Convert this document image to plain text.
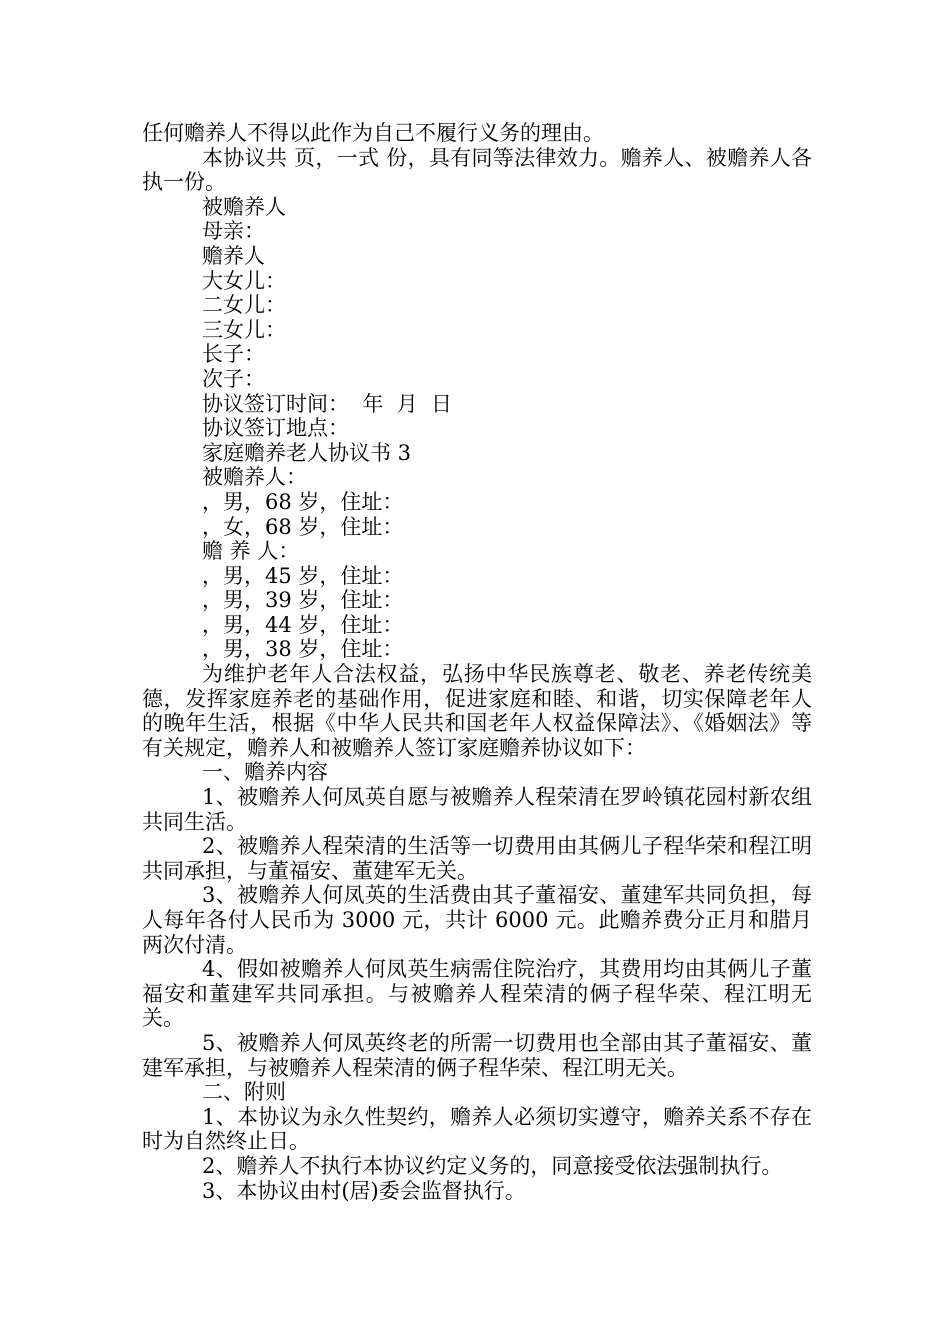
任何赡养人不得以此作为自己不履行义务的理由。

本协议共 页，一式 份，具有同等法律效力。赡养人、被赡养人各执一份。

被赡养人

母亲：

赡养人

大女儿：

二女儿：

三女儿：

长子：

次子：

协议签订时间：  年  月  日

协议签订地点：

家庭赡养老人协议书 3

被赡养人：

，男，68 岁，住址：

，女，68 岁，住址：

赡 养 人：

，男，45 岁，住址：

，男，39 岁，住址：

，男，44 岁，住址：

，男，38 岁，住址：

为维护老年人合法权益，弘扬中华民族尊老、敬老、养老传统美德，发挥家庭养老的基础作用，促进家庭和睦、和谐，切实保障老年人的晚年生活，根据《中华人民共和国老年人权益保障法》、《婚姻法》等有关规定，赡养人和被赡养人签订家庭赡养协议如下：

一、赡养内容

1、被赡养人何凤英自愿与被赡养人程荣清在罗岭镇花园村新农组共同生活。

2、被赡养人程荣清的生活等一切费用由其俩儿子程华荣和程江明共同承担，与董福安、董建军无关。

3、被赡养人何凤英的生活费由其子董福安、董建军共同负担，每人每年各付人民币为 3000 元，共计 6000 元。此赡养费分正月和腊月两次付清。

4、假如被赡养人何凤英生病需住院治疗，其费用均由其俩儿子董福安和董建军共同承担。与被赡养人程荣清的俩子程华荣、程江明无关。

5、被赡养人何凤英终老的所需一切费用也全部由其子董福安、董建军承担，与被赡养人程荣清的俩子程华荣、程江明无关。

二、附则

1、本协议为永久性契约，赡养人必须切实遵守，赡养关系不存在时为自然终止日。

2、赡养人不执行本协议约定义务的，同意接受依法强制执行。

3、本协议由村(居)委会监督执行。
